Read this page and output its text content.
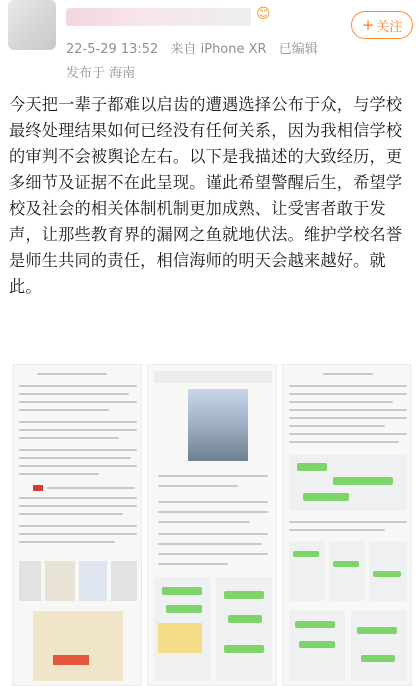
😊
22-5-29 13:52 来自 iPhone XR 已编辑
发布于 海南
+ 关注
今天把一辈子都难以启齿的遭遇选择公布于众，与学校最终处理结果如何已经没有任何关系，因为我相信学校的审判不会被舆论左右。以下是我描述的大致经历，更多细节及证据不在此呈现。谨此希望警醒后生，希望学校及社会的相关体制机制更加成熟、让受害者敢于发声，让那些教育界的漏网之鱼就地伏法。维护学校名誉是师生共同的责任，相信海师的明天会越来越好。就此。
